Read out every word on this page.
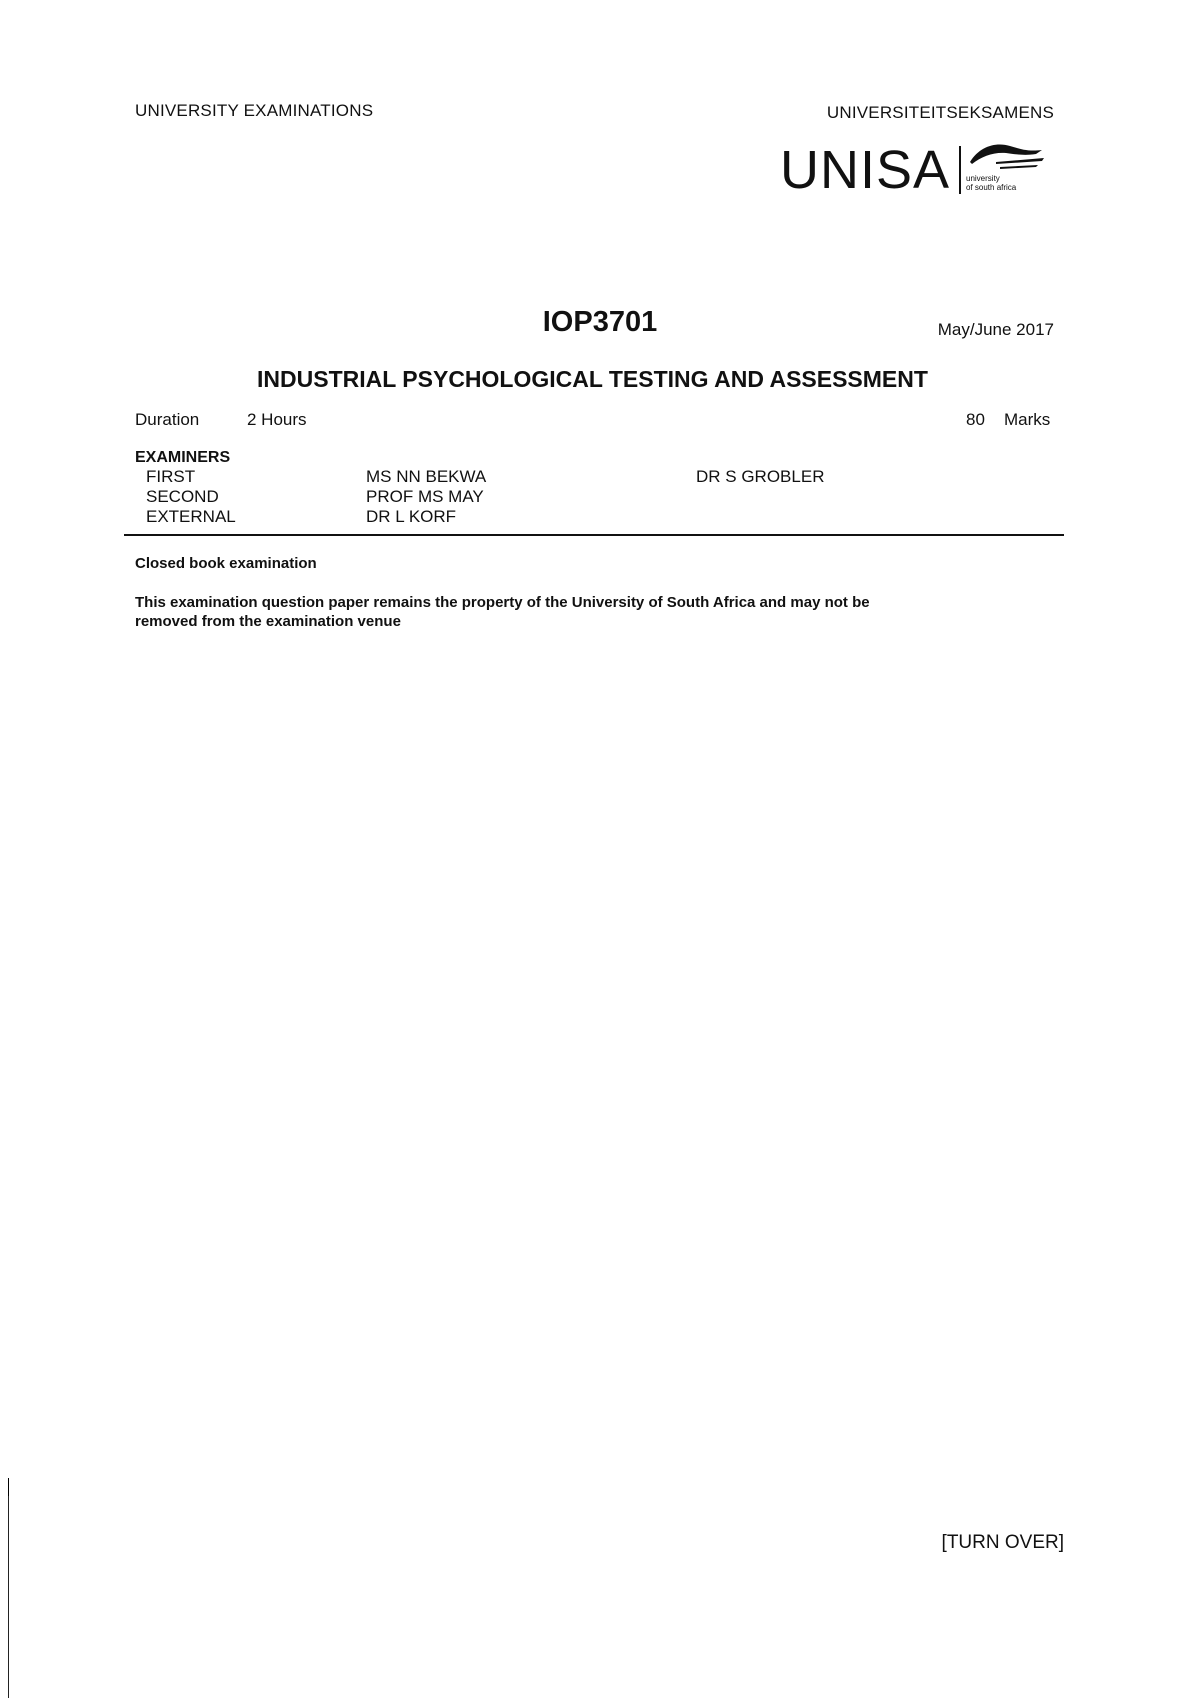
UNIVERSITY EXAMINATIONS	UNIVERSITEITSEKSAMENS
UNISA university
of south africa
IOP3701	May/June 2017
INDUSTRIAL PSYCHOLOGICAL TESTING AND ASSESSMENT
Duration	2 Hours	80 Marks
EXAMINERS
FIRST	MS NN BEKWA	DR S GROBLER
SECOND	PROF MS MAY
EXTERNAL	DR L KORF
Closed book examination
This examination question paper remains the property of the University of South Africa and may not be
removed from the examination venue
[TURN OVER]
